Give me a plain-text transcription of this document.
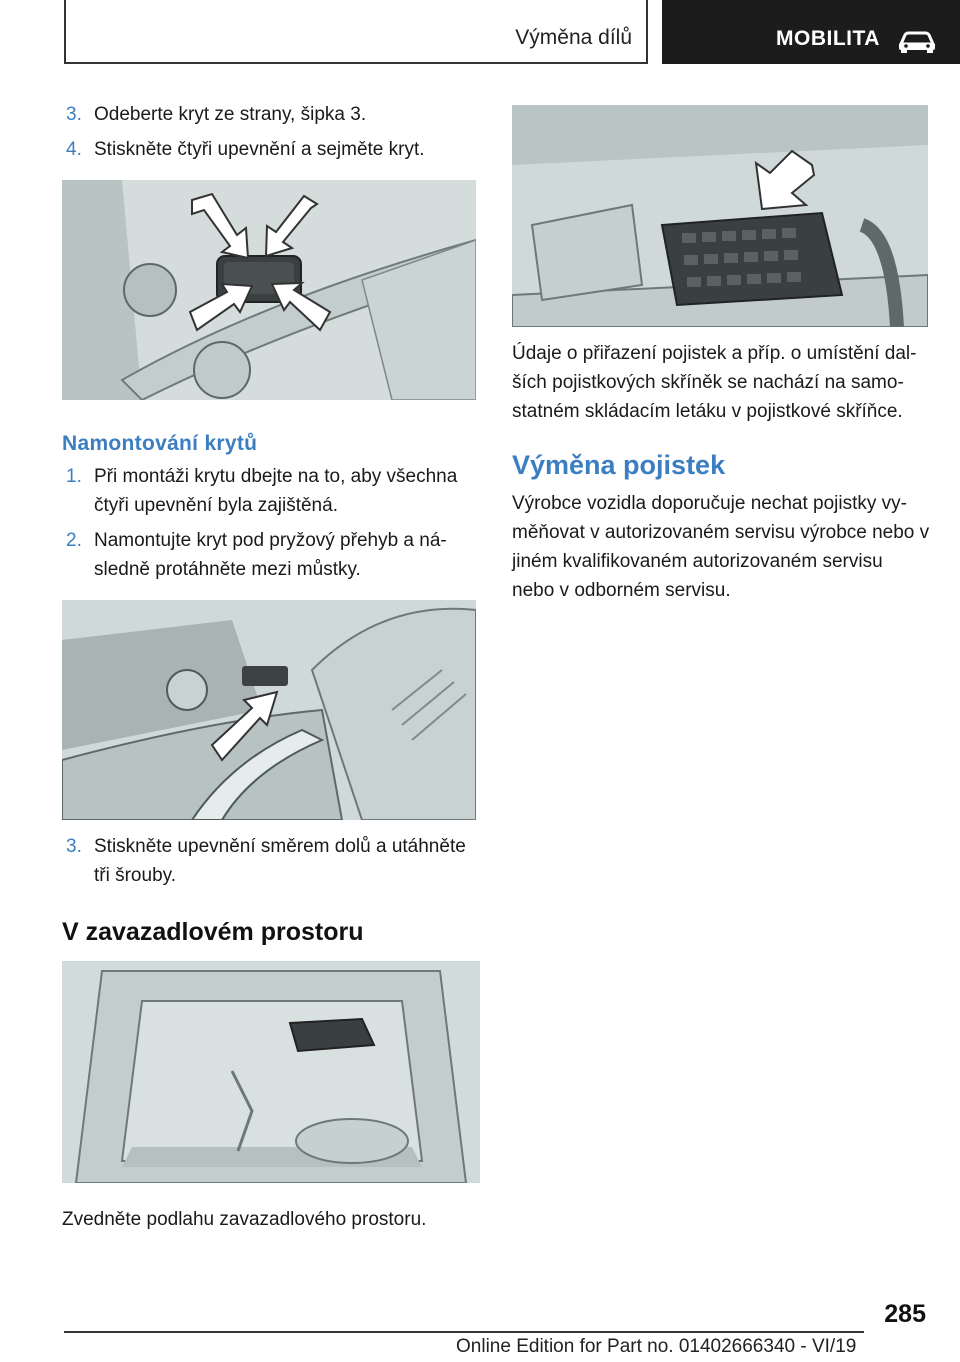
Výměna dílů	MOBILITA
3. Odeberte kryt ze strany, šipka 3.
4. Stiskněte čtyři upevnění a sejměte kryt.
Namontování krytů
1. Při montáži krytu dbejte na to, aby všechna čtyři upevnění byla zajištěná.
2. Namontujte kryt pod pryžový přehyb a následně protáhněte mezi můstky.
3. Stiskněte upevnění směrem dolů a utáhněte tři šrouby.
V zavazadlovém prostoru

Zvedněte podlahu zavazadlového prostoru.

Údaje o přiřazení pojistek a příp. o umístění dalších pojistkových skříněk se nachází na samostatném skládacím letáku v pojistkové skříňce.

Výměna pojistek

Výrobce vozidla doporučuje nechat pojistky vyměňovat v autorizovaném servisu výrobce nebo v jiném kvalifikovaném autorizovaném servisu nebo v odborném servisu.

285
Online Edition for Part no. 01402666340 - VI/19
